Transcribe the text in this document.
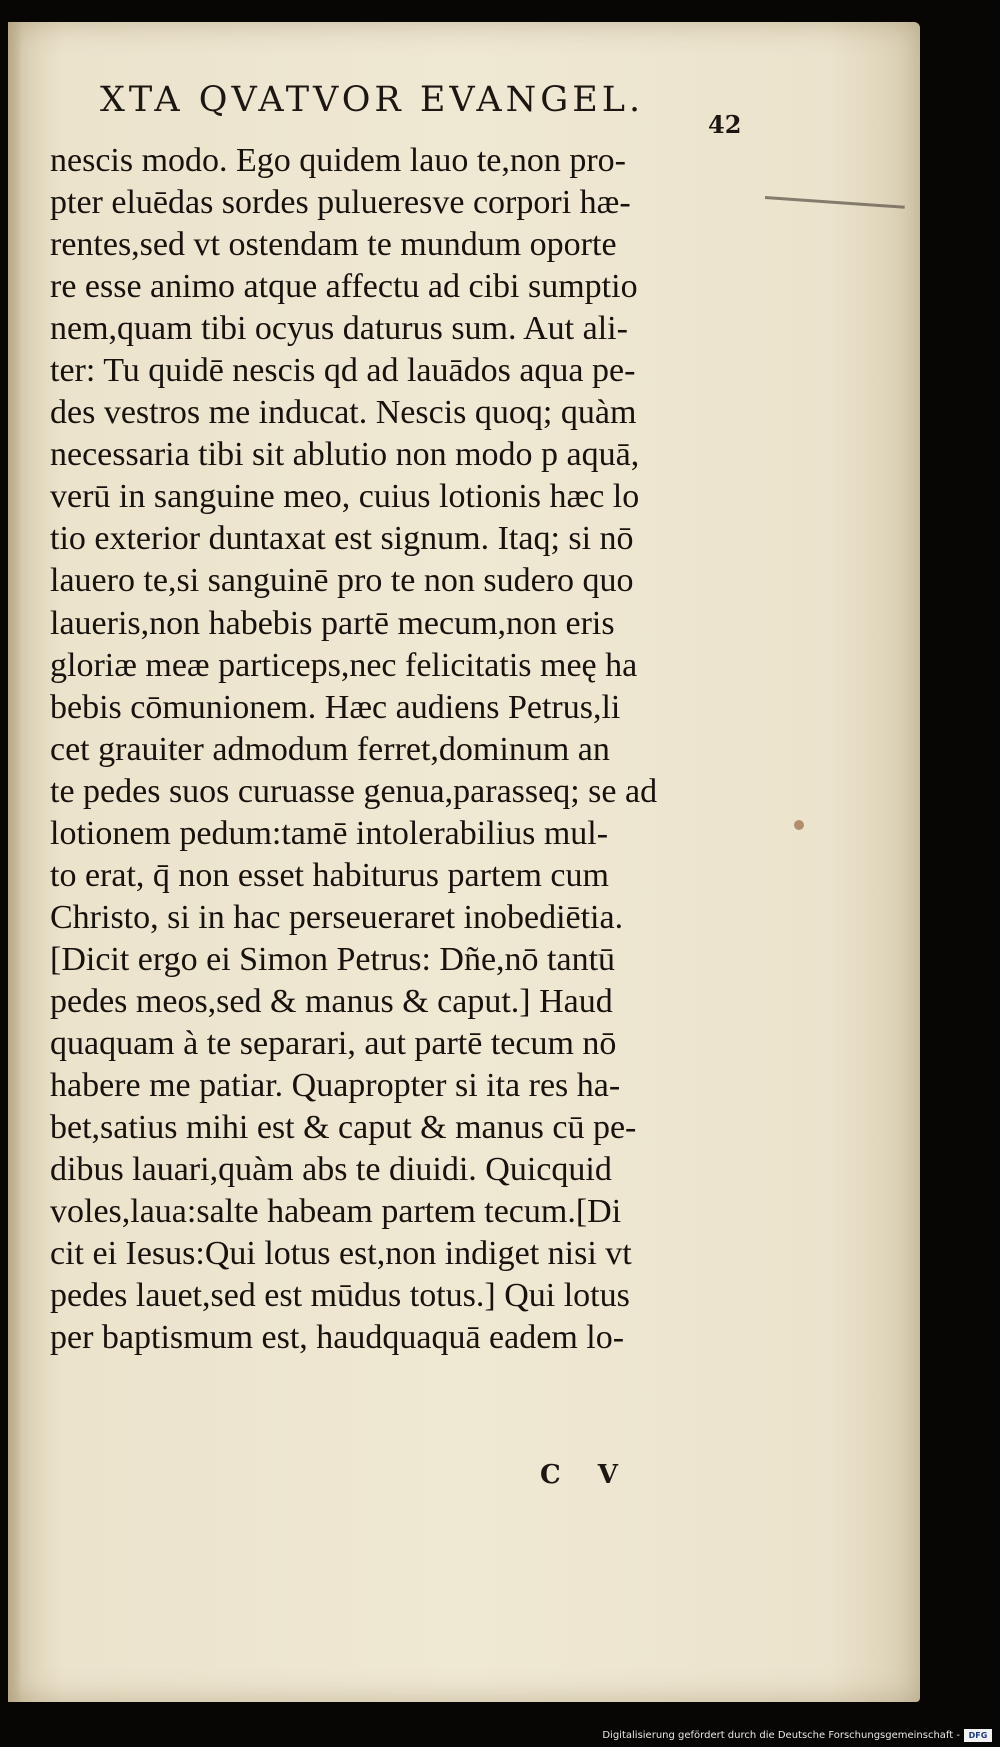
XTA QVATVOR EVANGEL.
42
nescis modo. Ego quidem lauo te,non pro-
pter eluēdas sordes pulueresve corpori hæ-
rentes,sed vt ostendam te mundum oporte
re esse animo atque affectu ad cibi sumptio
nem,quam tibi ocyus daturus sum. Aut ali-
ter: Tu quidē nescis qd ad lauādos aqua pe-
des vestros me inducat. Nescis quoq; quàm
necessaria tibi sit ablutio non modo p aquā,
verū in sanguine meo, cuius lotionis hæc lo
tio exterior duntaxat est signum. Itaq; si nō
lauero te,si sanguinē pro te non sudero quo
laueris,non habebis partē mecum,non eris
gloriæ meæ particeps,nec felicitatis meę ha
bebis cōmunionem. Hæc audiens Petrus,li
cet grauiter admodum ferret,dominum an
te pedes suos curuasse genua,parasseq; se ad
lotionem pedum:tamē intolerabilius mul-
to erat, q̄ non esset habiturus partem cum
Christo, si in hac perseueraret inobediētia.
[Dicit ergo ei Simon Petrus: Dñe,nō tantū
pedes meos,sed & manus & caput.] Haud
quaquam à te separari, aut partē tecum nō
habere me patiar. Quapropter si ita res ha-
bet,satius mihi est & caput & manus cū pe-
dibus lauari,quàm abs te diuidi. Quicquid
voles,laua:salte habeam partem tecum.[Di
cit ei Iesus:Qui lotus est,non indiget nisi vt
pedes lauet,sed est mūdus totus.] Qui lotus
per baptismum est, haudquaquā eadem lo-
C V
Digitalisierung gefördert durch die Deutsche Forschungsgemeinschaft -	DFG
